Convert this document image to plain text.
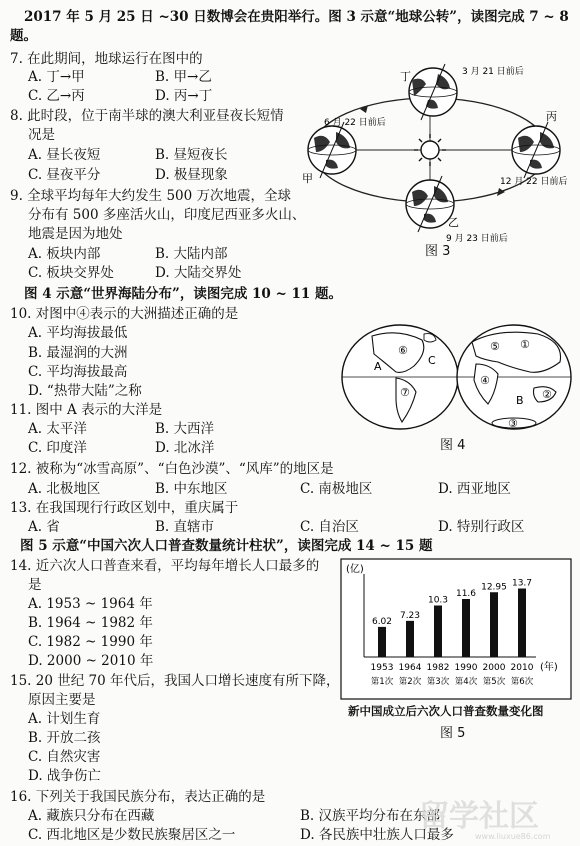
2017 年 5 月 25 日 ~30 日数博会在贵阳举行。图 3 示意“地球公转”，读图完成 7 ~ 8
题。
7. 在此期间，地球运行在图中的
A. 丁→甲	B. 甲→乙
C. 乙→丙	D. 丙→丁
8. 此时段，位于南半球的澳大利亚昼夜长短情
况是
A. 昼长夜短	B. 昼短夜长
C. 昼夜平分	D. 极昼现象
9. 全球平均每年大约发生 500 万次地震，全球
分布有 500 多座活火山，印度尼西亚多火山、
地震是因为地处
A. 板块内部	B. 大陆内部
C. 板块交界处	D. 大陆交界处
丁
甲
丙
乙
3 月 21 日前后
6 月 22 日前后
12 月 22 日前后
9 月 23 日前后
图 3
图 4 示意“世界海陆分布”，读图完成 10 ~ 11 题。
10. 对图中④表示的大洲描述正确的是
A. 平均海拔最低
B. 最湿润的大洲
C. 平均海拔最高
D. “热带大陆”之称
11. 图中 A 表示的大洋是
A. 太平洋	B. 大西洋
C. 印度洋	D. 北冰洋
A	C
B
⑥
⑦
⑤ ①
④
②
③
图 4
12. 被称为“冰雪高原”、“白色沙漠”、“风库”的地区是
A. 北极地区	B. 中东地区	C. 南极地区	D. 西亚地区
13. 在我国现行行政区划中，重庆属于
A. 省	B. 直辖市	C. 自治区	D. 特别行政区
图 5 示意“中国六次人口普查数量统计柱状”，读图完成 14 ~ 15 题
14. 近六次人口普查来看，平均每年增长人口最多的
是
A. 1953 ~ 1964 年
B. 1964 ~ 1982 年
C. 1982 ~ 1990 年
D. 2000 ~ 2010 年
15. 20 世纪 70 年代后，我国人口增长速度有所下降，
原因主要是
A. 计划生育
B. 开放二孩
C. 自然灾害
D. 战争伤亡
(亿)
(年)
6.02
1953
第1次
7.23
1964
第2次
10.3
1982
第3次
11.6
1990
第4次
12.95
2000
第5次
13.7
2010
第6次
新中国成立后六次人口普查数量变化图
图 5
16. 下列关于我国民族分布，表达正确的是
A. 藏族只分布在西藏	B. 汉族平均分布在东部
C. 西北地区是少数民族聚居区之一	D. 各民族中壮族人口最多
留学社区
www.liuxue86.com
